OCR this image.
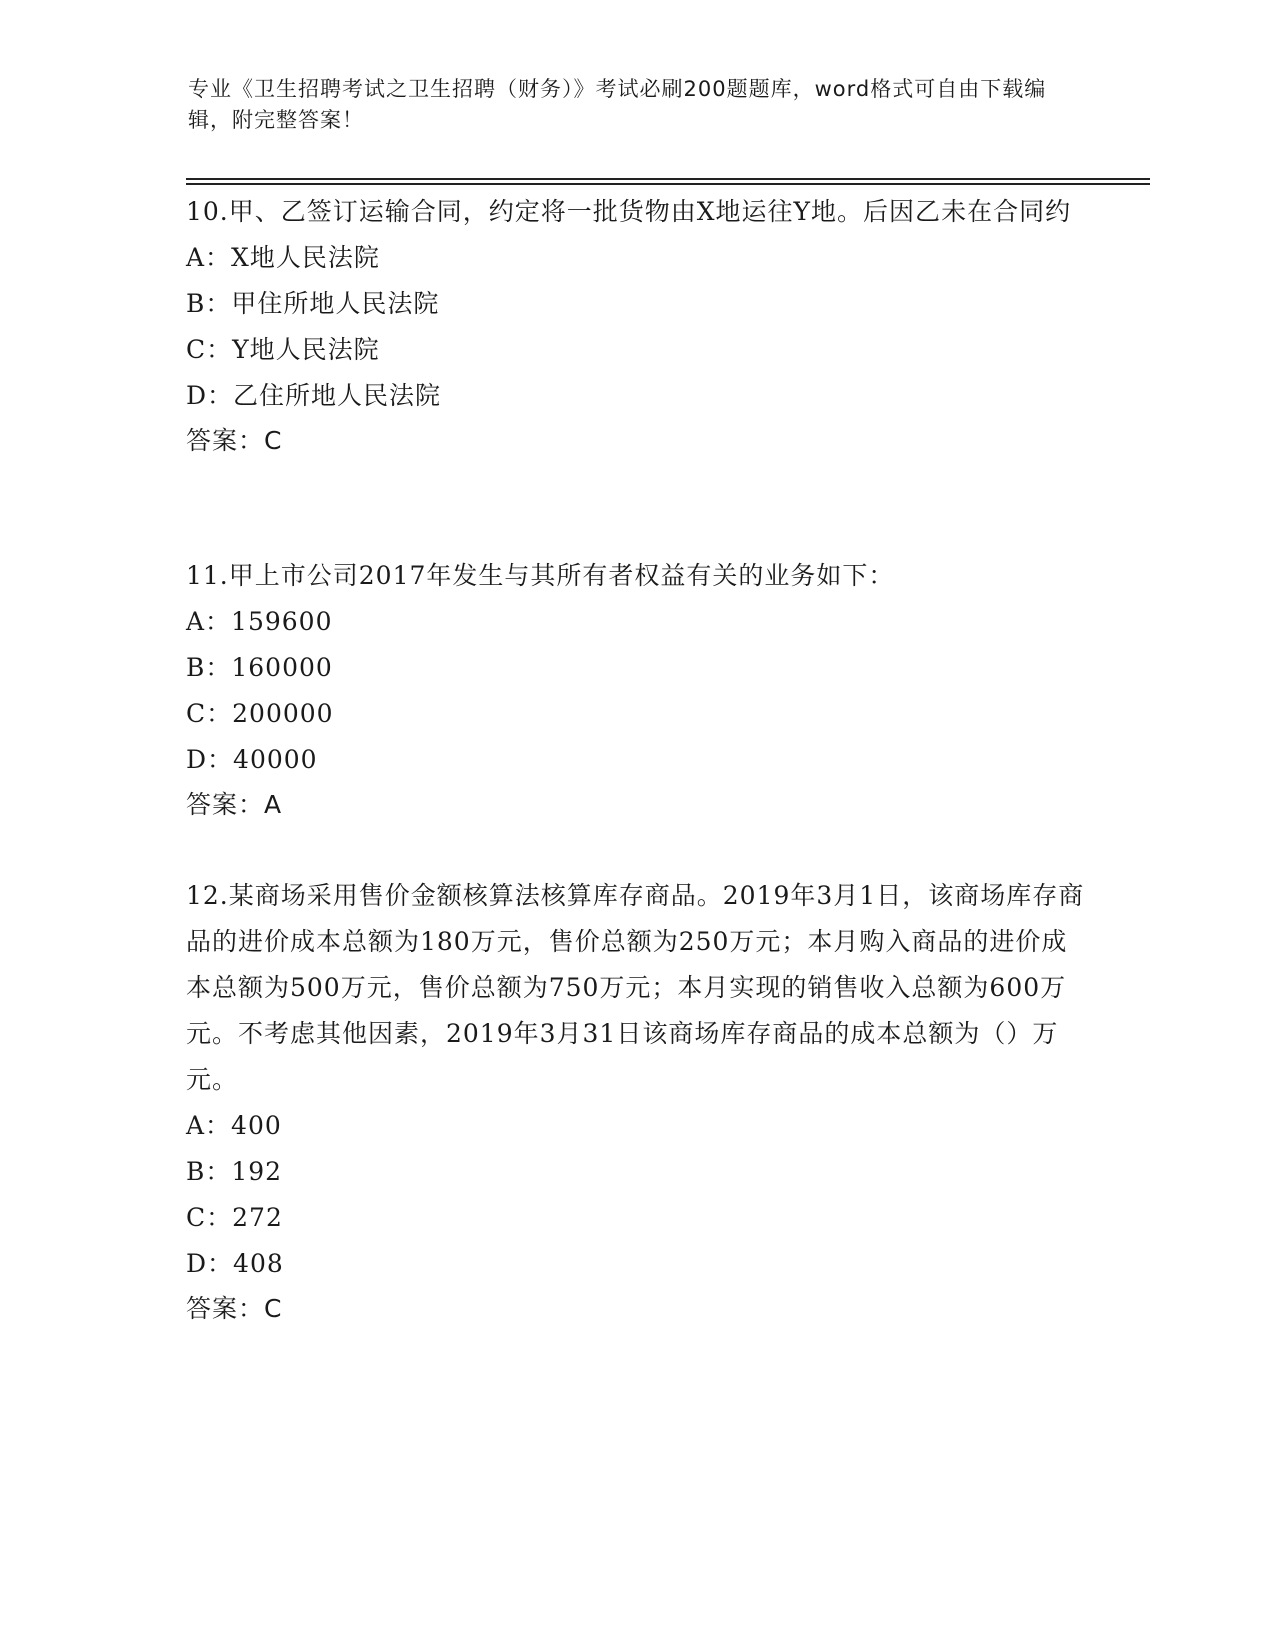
专业《卫生招聘考试之卫生招聘（财务）》考试必刷200题题库，word格式可自由下载编辑，附完整答案！
10.甲、乙签订运输合同，约定将一批货物由X地运往Y地。后因乙未在合同约
A：X地人民法院
B：甲住所地人民法院
C：Y地人民法院
D：乙住所地人民法院
答案：C
11.甲上市公司2017年发生与其所有者权益有关的业务如下：
A：159600
B：160000
C：200000
D：40000
答案：A
12.某商场采用售价金额核算法核算库存商品。2019年3月1日，该商场库存商品的进价成本总额为180万元，售价总额为250万元；本月购入商品的进价成本总额为500万元，售价总额为750万元；本月实现的销售收入总额为600万元。不考虑其他因素，2019年3月31日该商场库存商品的成本总额为（）万元。
A：400
B：192
C：272
D：408
答案：C
